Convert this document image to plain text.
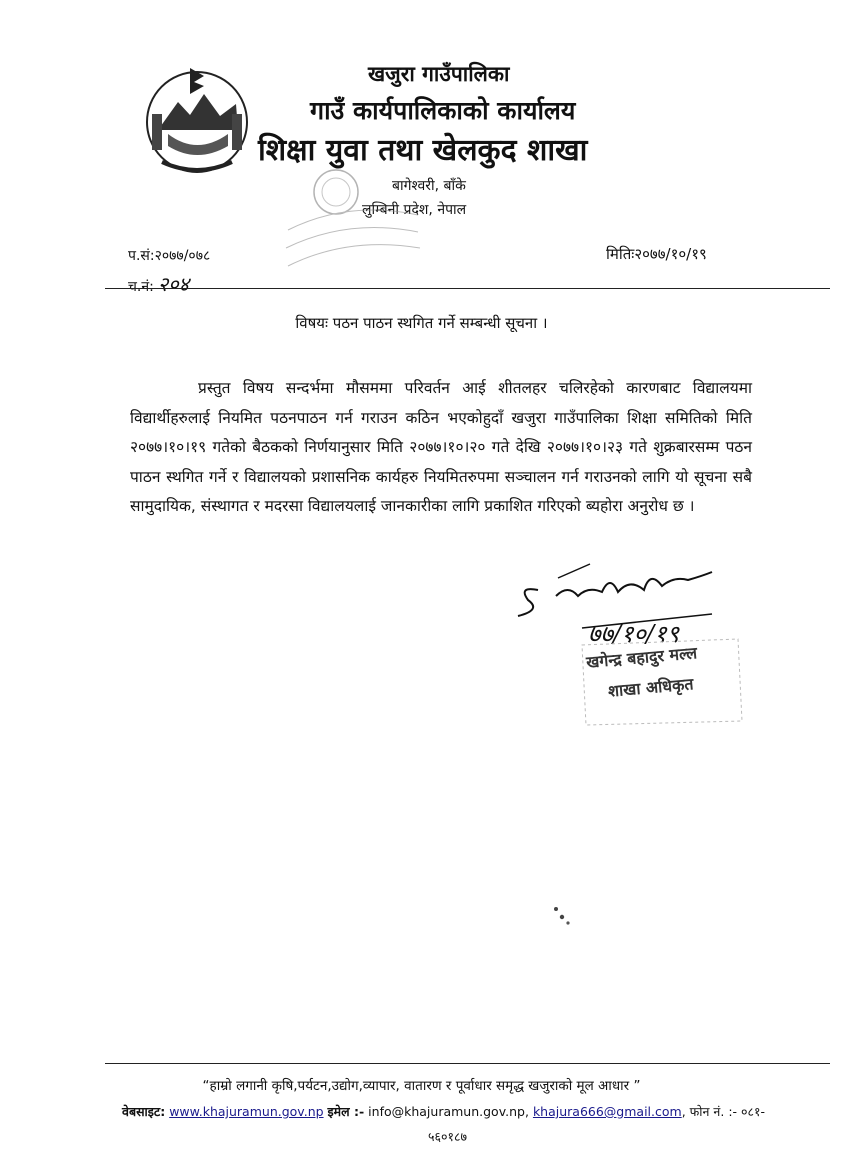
खजुरा गाउँपालिका
गाउँ कार्यपालिकाको कार्यालय
शिक्षा युवा तथा खेलकुद शाखा
बागेश्वरी, बाँके
लुम्बिनी प्रदेश, नेपाल
प.सं:२०७७/०७८
च.नं: २०४
मितिः२०७७/१०/१९
विषयः पठन पाठन स्थगित गर्ने सम्बन्धी सूचना ।

प्रस्तुत विषय सन्दर्भमा मौसममा परिवर्तन आई शीतलहर चलिरहेको कारणबाट विद्यालयमा विद्यार्थीहरुलाई नियमित पठनपाठन गर्न गराउन कठिन भएकोहुदाँ खजुरा गाउँपालिका शिक्षा समितिको मिति २०७७।१०।१९ गतेको बैठकको निर्णयानुसार मिति २०७७।१०।२० गते देखि २०७७।१०।२३ गते शुक्रबारसम्म पठन पाठन स्थगित गर्ने र विद्यालयको प्रशासनिक कार्यहरु नियमितरुपमा सञ्चालन गर्न गराउनको लागि यो सूचना सबै सामुदायिक, संस्थागत र मदरसा विद्यालयलाई जानकारीका लागि प्रकाशित गरिएको ब्यहोरा अनुरोध छ ।

७७/१०/१९
खगेन्द्र बहादुर मल्ल
शाखा अधिकृत
“हाम्रो लगानी कृषि,पर्यटन,उद्योग,व्यापार, वातारण र पूर्वाधार समृद्ध खजुराको मूल आधार ”
वेबसाइट: www.khajuramun.gov.np इमेल :- info@khajuramun.gov.np, khajura666@gmail.com, फोन नं. :- ०८१-
५६०१८७
